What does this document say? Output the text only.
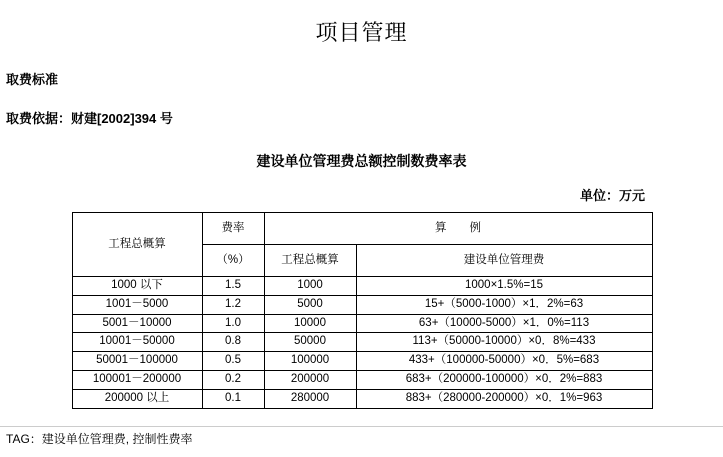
项目管理
取费标准
取费依据：财建[2002]394 号
建设单位管理费总额控制数费率表
单位：万元
工程总概算	费率	算　　例	
	（%）	工程总概算	建设单位管理费
1000 以下	1.5	1000	1000×1.5%=15
1001－5000	1.2	5000	15+（5000-1000）×1．2%=63
5001－10000	1.0	10000	63+（10000-5000）×1．0%=113
10001－50000	0.8	50000	113+（50000-10000）×0．8%=433
50001－100000	0.5	100000	433+（100000-50000）×0．5%=683
100001－200000	0.2	200000	683+（200000-100000）×0．2%=883
200000 以上	0.1	280000	883+（280000-200000）×0．1%=963
TAG：建设单位管理费, 控制性费率
